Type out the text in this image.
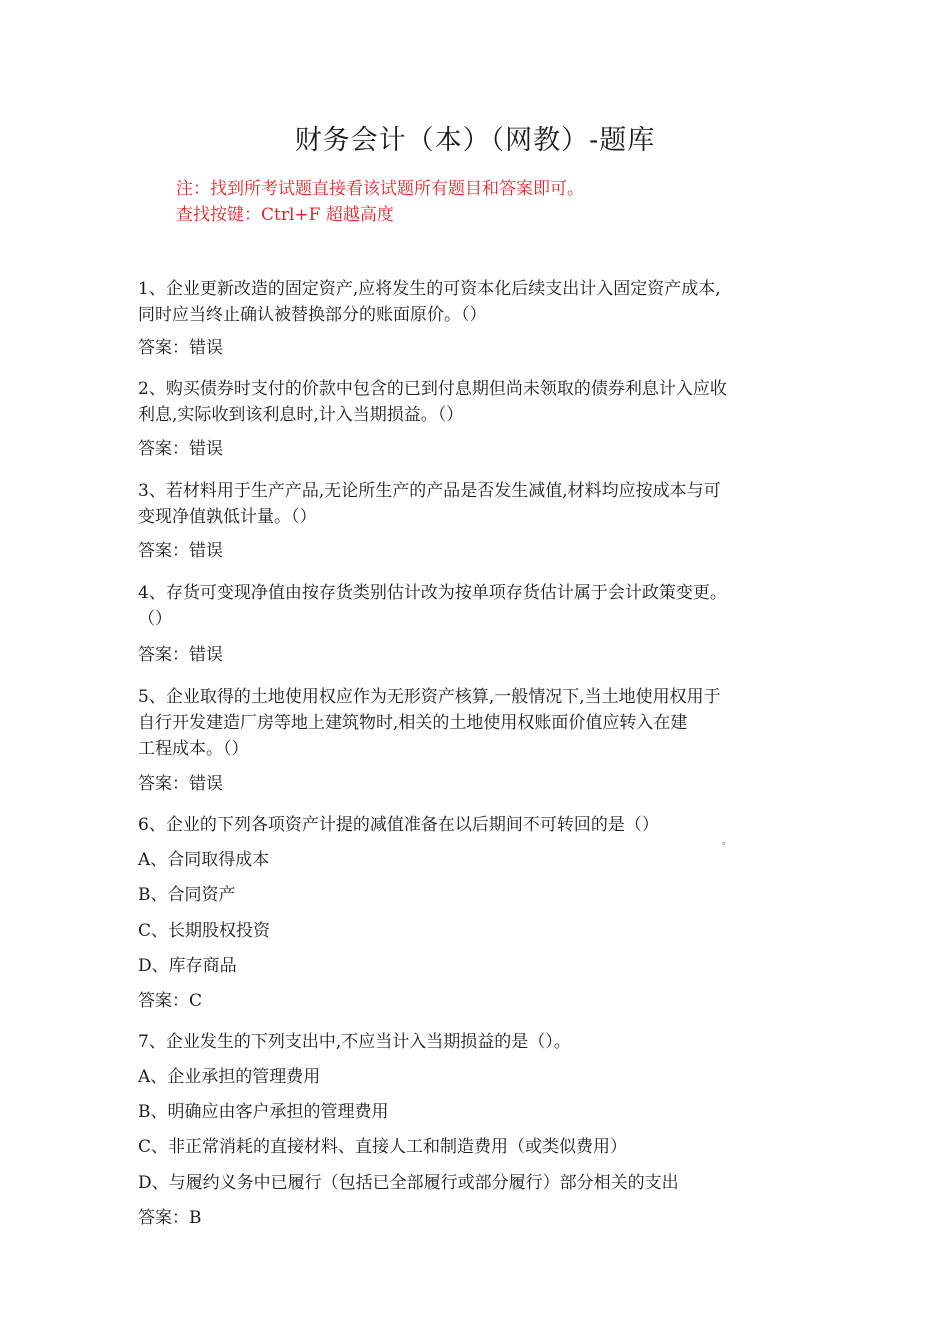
财务会计（本）（网教）-题库
注：找到所考试题直接看该试题所有题目和答案即可。
查找按键：Ctrl+F 超越高度
1、企业更新改造的固定资产,应将发生的可资本化后续支出计入固定资产成本,
同时应当终止确认被替换部分的账面原价。（）
答案：错误
2、购买债券时支付的价款中包含的已到付息期但尚未领取的债券利息计入应收
利息,实际收到该利息时,计入当期损益。（）
答案：错误
3、若材料用于生产产品,无论所生产的产品是否发生减值,材料均应按成本与可
变现净值孰低计量。（）
答案：错误
4、存货可变现净值由按存货类别估计改为按单项存货估计属于会计政策变更。
（）
答案：错误
5、企业取得的土地使用权应作为无形资产核算,一般情况下,当土地使用权用于
自行开发建造厂房等地上建筑物时,相关的土地使用权账面价值应转入在建
工程成本。（）
答案：错误
6、企业的下列各项资产计提的减值准备在以后期间不可转回的是（）
。
A、合同取得成本
B、合同资产
C、长期股权投资
D、库存商品
答案：C
7、企业发生的下列支出中,不应当计入当期损益的是（）。
A、企业承担的管理费用
B、明确应由客户承担的管理费用
C、非正常消耗的直接材料、直接人工和制造费用（或类似费用）
D、与履约义务中已履行（包括已全部履行或部分履行）部分相关的支出
答案：B
